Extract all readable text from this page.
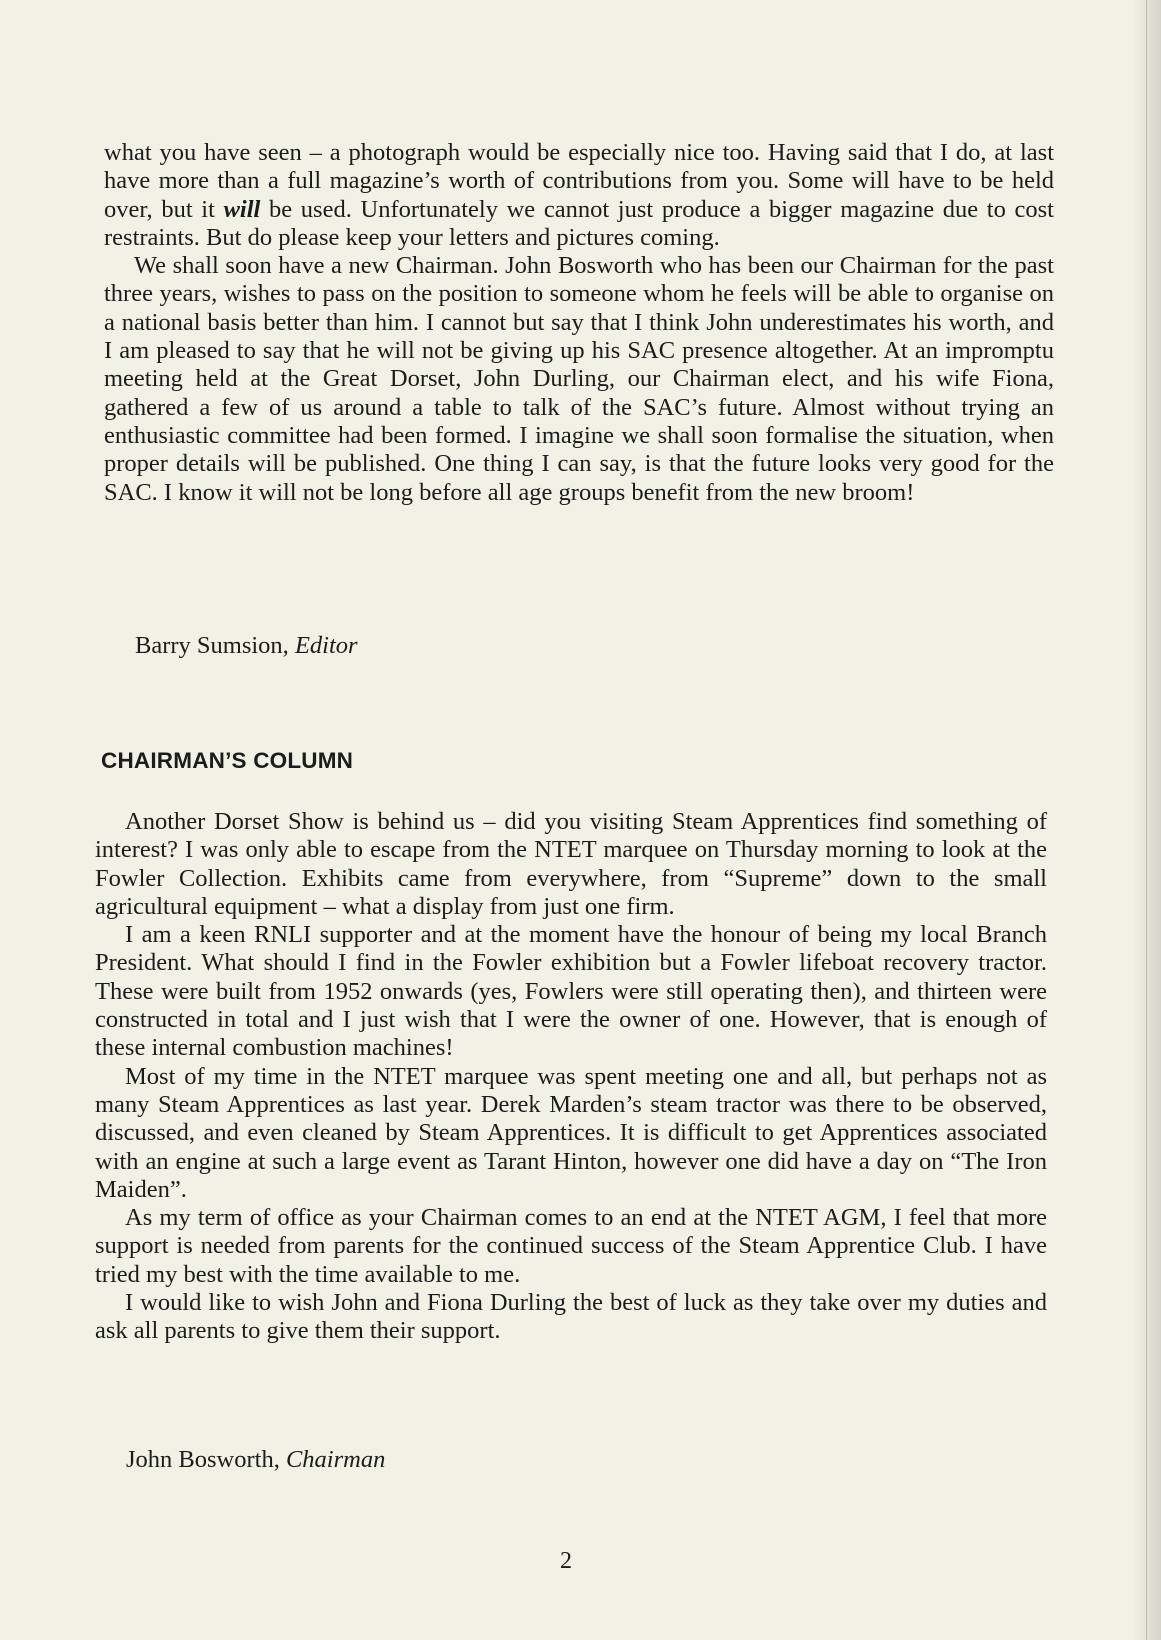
what you have seen – a photograph would be especially nice too. Having said that I do, at last have more than a full magazine’s worth of contributions from you. Some will have to be held over, but it will be used. Unfortunately we cannot just produce a bigger magazine due to cost restraints. But do please keep your letters and pictures coming.

We shall soon have a new Chairman. John Bosworth who has been our Chairman for the past three years, wishes to pass on the position to someone whom he feels will be able to organise on a national basis better than him. I cannot but say that I think John underestimates his worth, and I am pleased to say that he will not be giving up his SAC presence altogether. At an impromptu meeting held at the Great Dorset, John Durling, our Chairman elect, and his wife Fiona, gathered a few of us around a table to talk of the SAC’s future. Almost without trying an enthusiastic committee had been formed. I imagine we shall soon formalise the situation, when proper details will be published. One thing I can say, is that the future looks very good for the SAC. I know it will not be long before all age groups benefit from the new broom!

Barry Sumsion, Editor
CHAIRMAN’S COLUMN

Another Dorset Show is behind us – did you visiting Steam Apprentices find something of interest? I was only able to escape from the NTET marquee on Thursday morning to look at the Fowler Collection. Exhibits came from everywhere, from “Supreme” down to the small agricultural equipment – what a display from just one firm.

I am a keen RNLI supporter and at the moment have the honour of being my local Branch President. What should I find in the Fowler exhibition but a Fowler lifeboat recovery tractor. These were built from 1952 onwards (yes, Fowlers were still operating then), and thirteen were constructed in total and I just wish that I were the owner of one. However, that is enough of these internal combustion machines!

Most of my time in the NTET marquee was spent meeting one and all, but perhaps not as many Steam Apprentices as last year. Derek Marden’s steam tractor was there to be observed, discussed, and even cleaned by Steam Apprentices. It is difficult to get Apprentices associated with an engine at such a large event as Tarant Hinton, however one did have a day on “The Iron Maiden”.

As my term of office as your Chairman comes to an end at the NTET AGM, I feel that more support is needed from parents for the continued success of the Steam Apprentice Club. I have tried my best with the time available to me.

I would like to wish John and Fiona Durling the best of luck as they take over my duties and ask all parents to give them their support.

John Bosworth, Chairman
2
